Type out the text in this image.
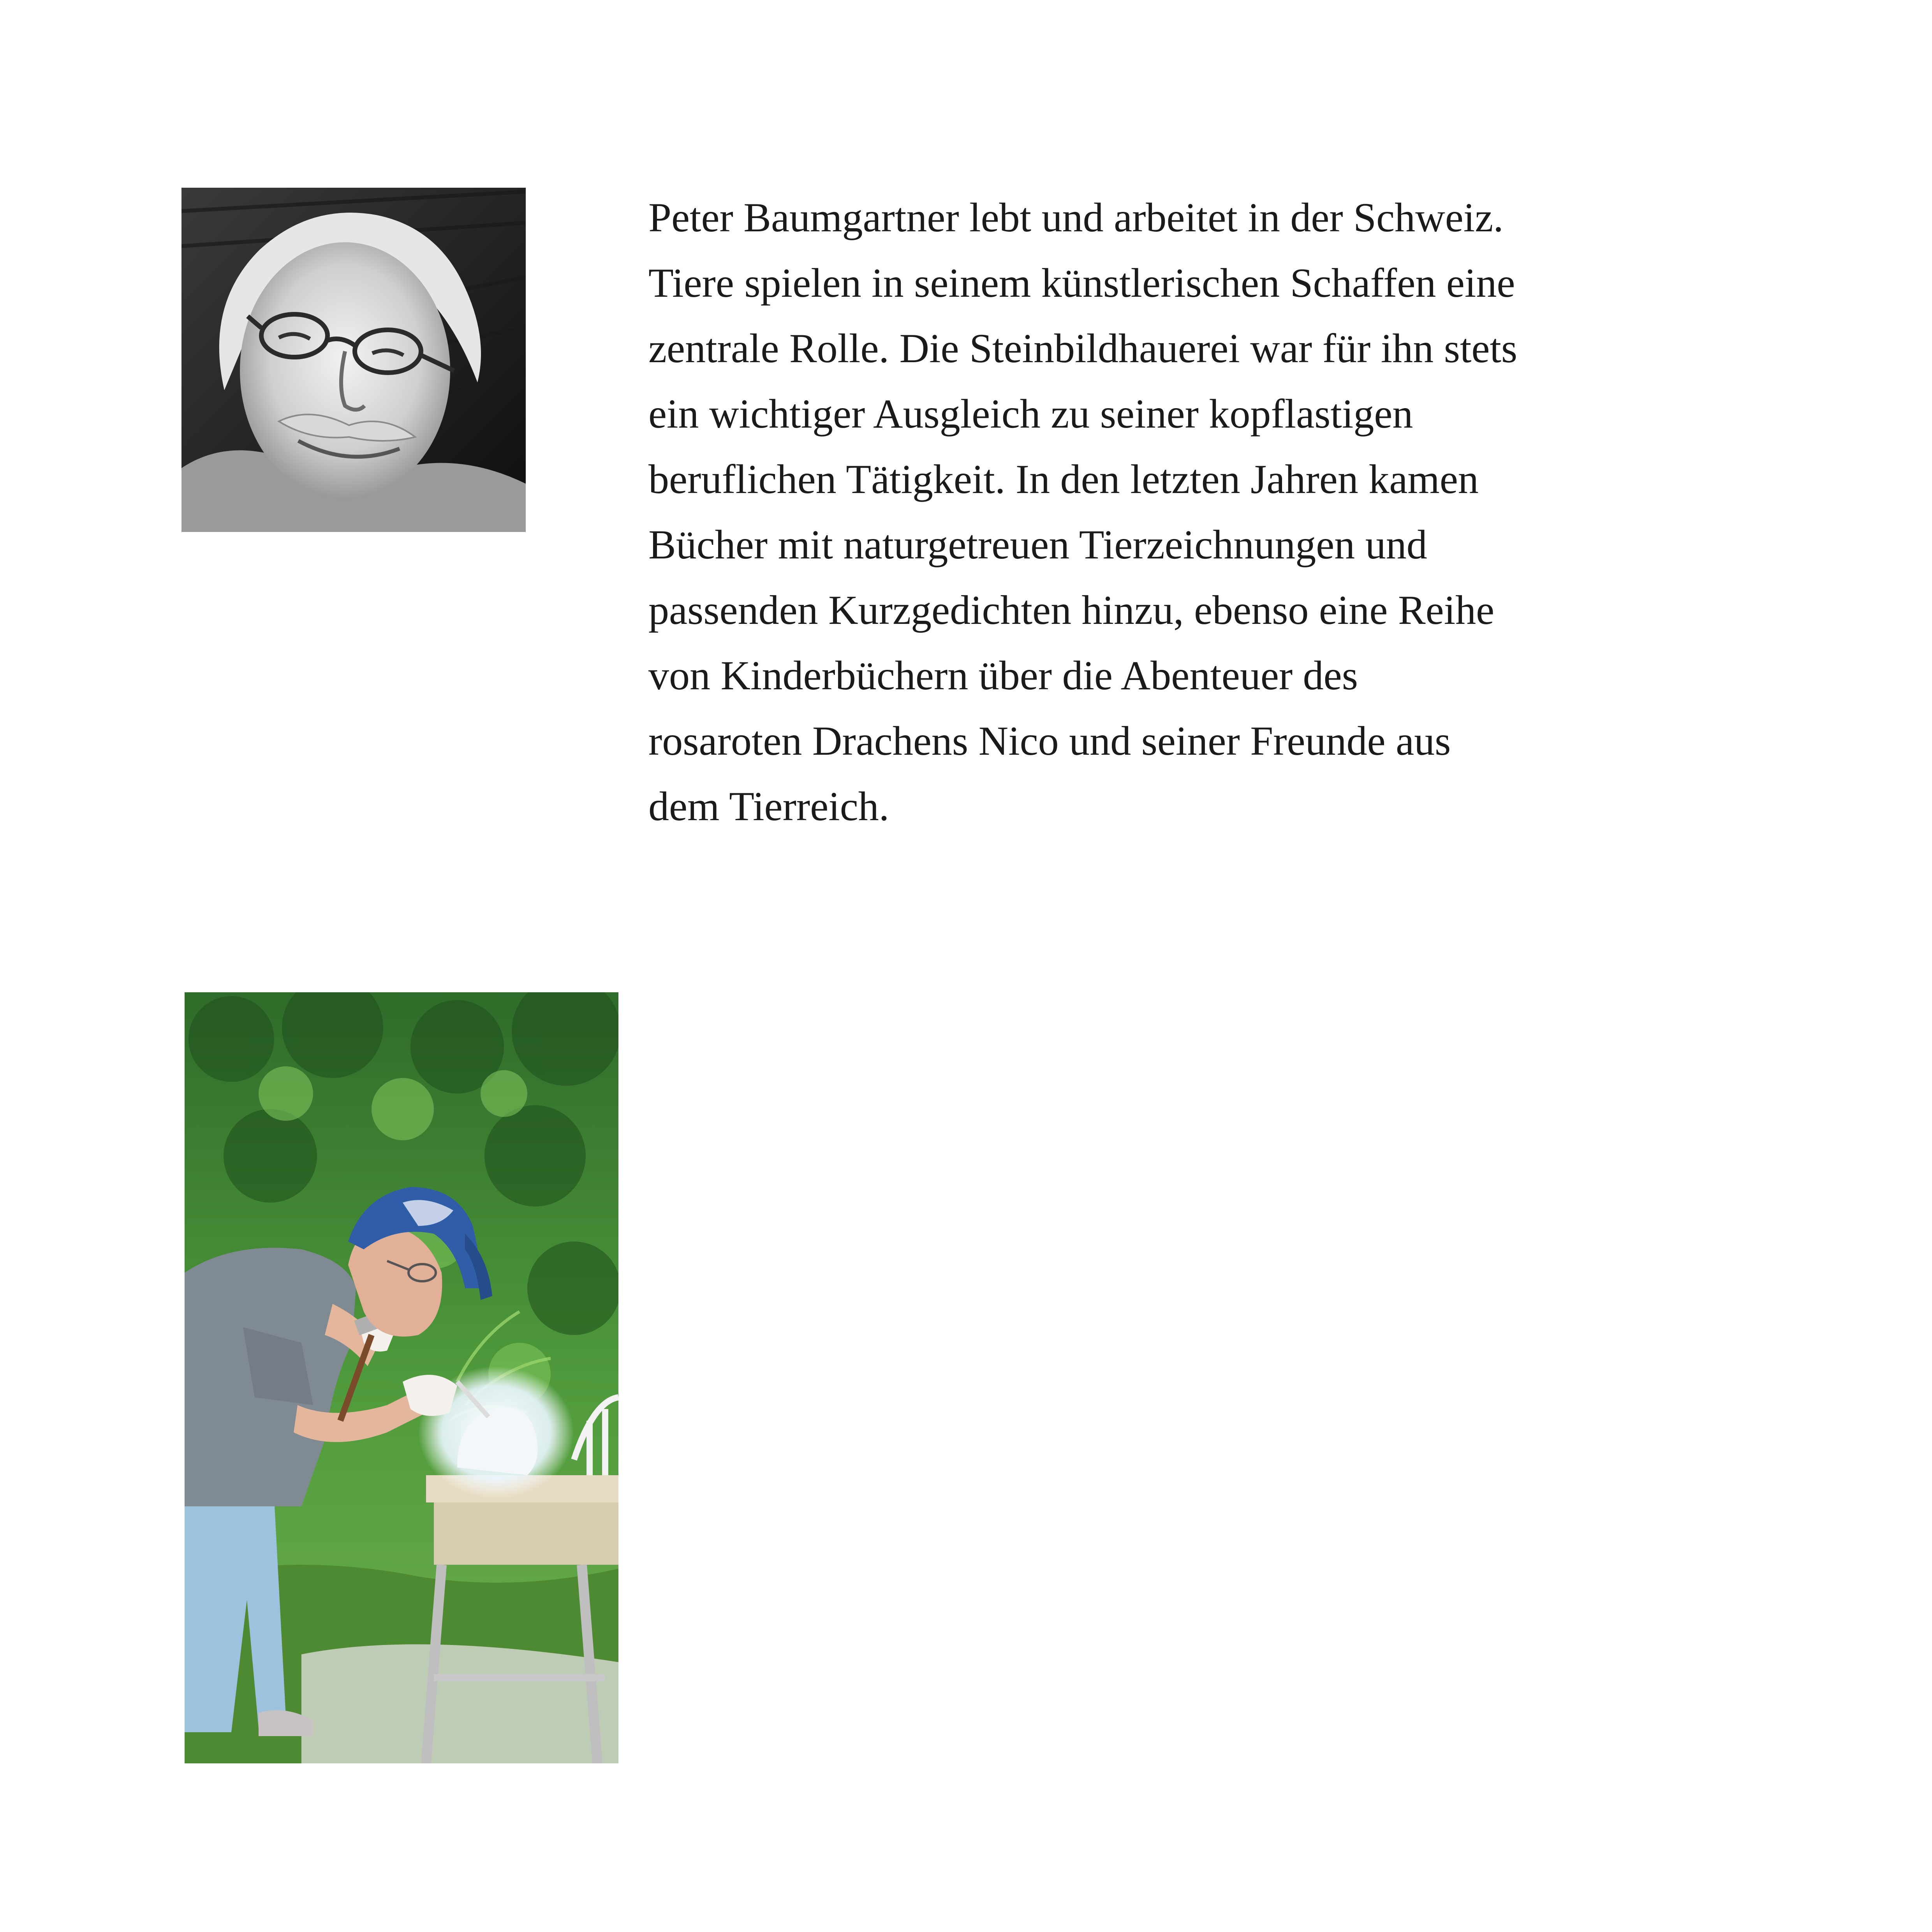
Peter Baumgartner lebt und arbeitet in der Schweiz.
Tiere spielen in seinem künstlerischen Schaffen eine
zentrale Rolle. Die Steinbildhauerei war für ihn stets
ein wichtiger Ausgleich zu seiner kopflastigen
beruflichen Tätigkeit. In den letzten Jahren kamen
Bücher mit naturgetreuen Tierzeichnungen und
passenden Kurzgedichten hinzu, ebenso eine Reihe
von Kinderbüchern über die Abenteuer des
rosaroten Drachens Nico und seiner Freunde aus
dem Tierreich.
